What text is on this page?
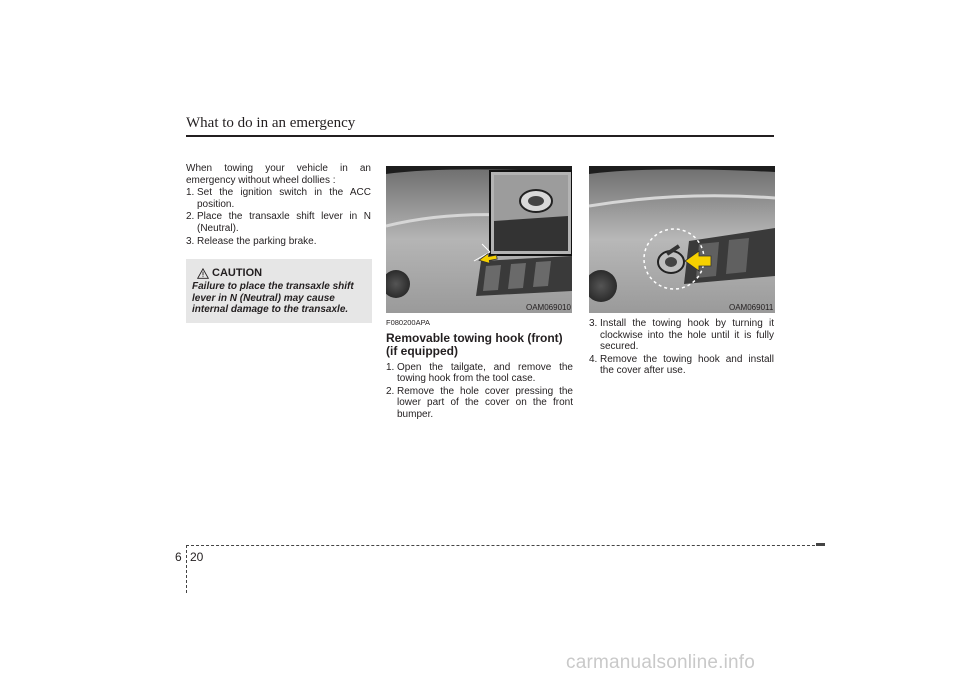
What to do in an emergency

When towing your vehicle in an emergency without wheel dollies :

1. Set the ignition switch in the ACC position.
2. Place the transaxle shift lever in N (Neutral).
3. Release the parking brake.
CAUTION
Failure to place the transaxle shift lever in N (Neutral) may cause internal damage to the transaxle.	OAM069010	OAM069011
F080200APA
Removable towing hook (front) (if equipped)
1. Open the tailgate, and remove the towing hook from the tool case.
2. Remove the hole cover pressing the lower part of the cover on the front bumper.
3. Install the towing hook by turning it clockwise into the hole until it is fully secured.
4. Remove the towing hook and install the cover after use.
6 20
carmanualsonline.info
